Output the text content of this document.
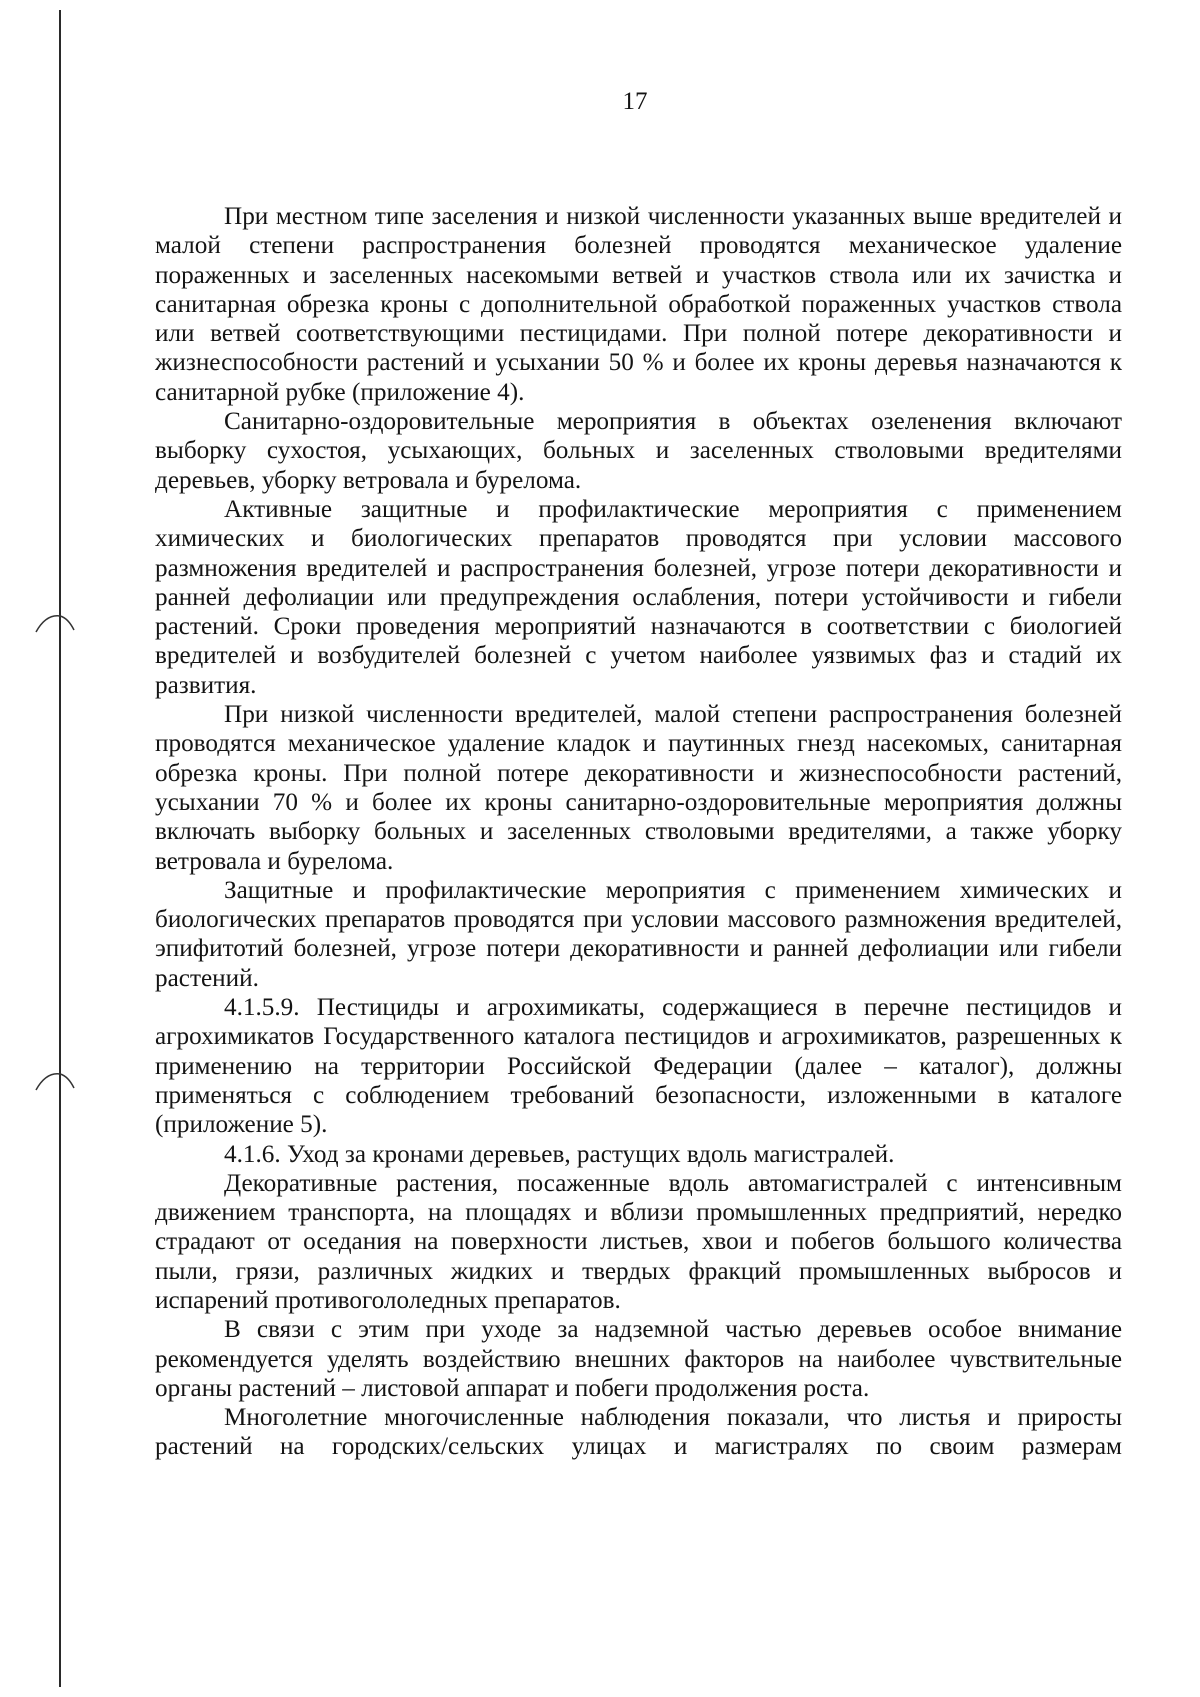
17

При местном типе заселения и низкой численности указанных выше вредителей и малой степени распространения болезней проводятся механическое удаление пораженных и заселенных насекомыми ветвей и участков ствола или их зачистка и санитарная обрезка кроны с дополнительной обработкой пораженных участков ствола или ветвей соответствующими пестицидами. При полной потере декоративности и жизнеспособности растений и усыхании 50 % и более их кроны деревья назначаются к санитарной рубке (приложение 4).

Санитарно-оздоровительные мероприятия в объектах озеленения включают выборку сухостоя, усыхающих, больных и заселенных стволовыми вредителями деревьев, уборку ветровала и бурелома.

Активные защитные и профилактические мероприятия с применением химических и биологических препаратов проводятся при условии массового размножения вредителей и распространения болезней, угрозе потери декоративности и ранней дефолиации или предупреждения ослабления, потери устойчивости и гибели растений. Сроки проведения мероприятий назначаются в соответствии с биологией вредителей и возбудителей болезней с учетом наиболее уязвимых фаз и стадий их развития.

При низкой численности вредителей, малой степени распространения болезней проводятся механическое удаление кладок и паутинных гнезд насекомых, санитарная обрезка кроны. При полной потере декоративности и жизнеспособности растений, усыхании 70 % и более их кроны санитарно-оздоровительные мероприятия должны включать выборку больных и заселенных стволовыми вредителями, а также уборку ветровала и бурелома.

Защитные и профилактические мероприятия с применением химических и биологических препаратов проводятся при условии массового размножения вредителей, эпифитотий болезней, угрозе потери декоративности и ранней дефолиации или гибели растений.

4.1.5.9. Пестициды и агрохимикаты, содержащиеся в перечне пестицидов и агрохимикатов Государственного каталога пестицидов и агрохимикатов, разрешенных к применению на территории Российской Федерации (далее – каталог), должны применяться с соблюдением требований безопасности, изложенными в каталоге (приложение 5).

4.1.6. Уход за кронами деревьев, растущих вдоль магистралей.

Декоративные растения, посаженные вдоль автомагистралей с интенсивным движением транспорта, на площадях и вблизи промышленных предприятий, нередко страдают от оседания на поверхности листьев, хвои и побегов большого количества пыли, грязи, различных жидких и твердых фракций промышленных выбросов и испарений противогололедных препаратов.

В связи с этим при уходе за надземной частью деревьев особое внимание рекомендуется уделять воздействию внешних факторов на наиболее чувствительные органы растений – листовой аппарат и побеги продолжения роста.

Многолетние многочисленные наблюдения показали, что листья и приросты растений на городских/сельских улицах и магистралях по своим размерам
